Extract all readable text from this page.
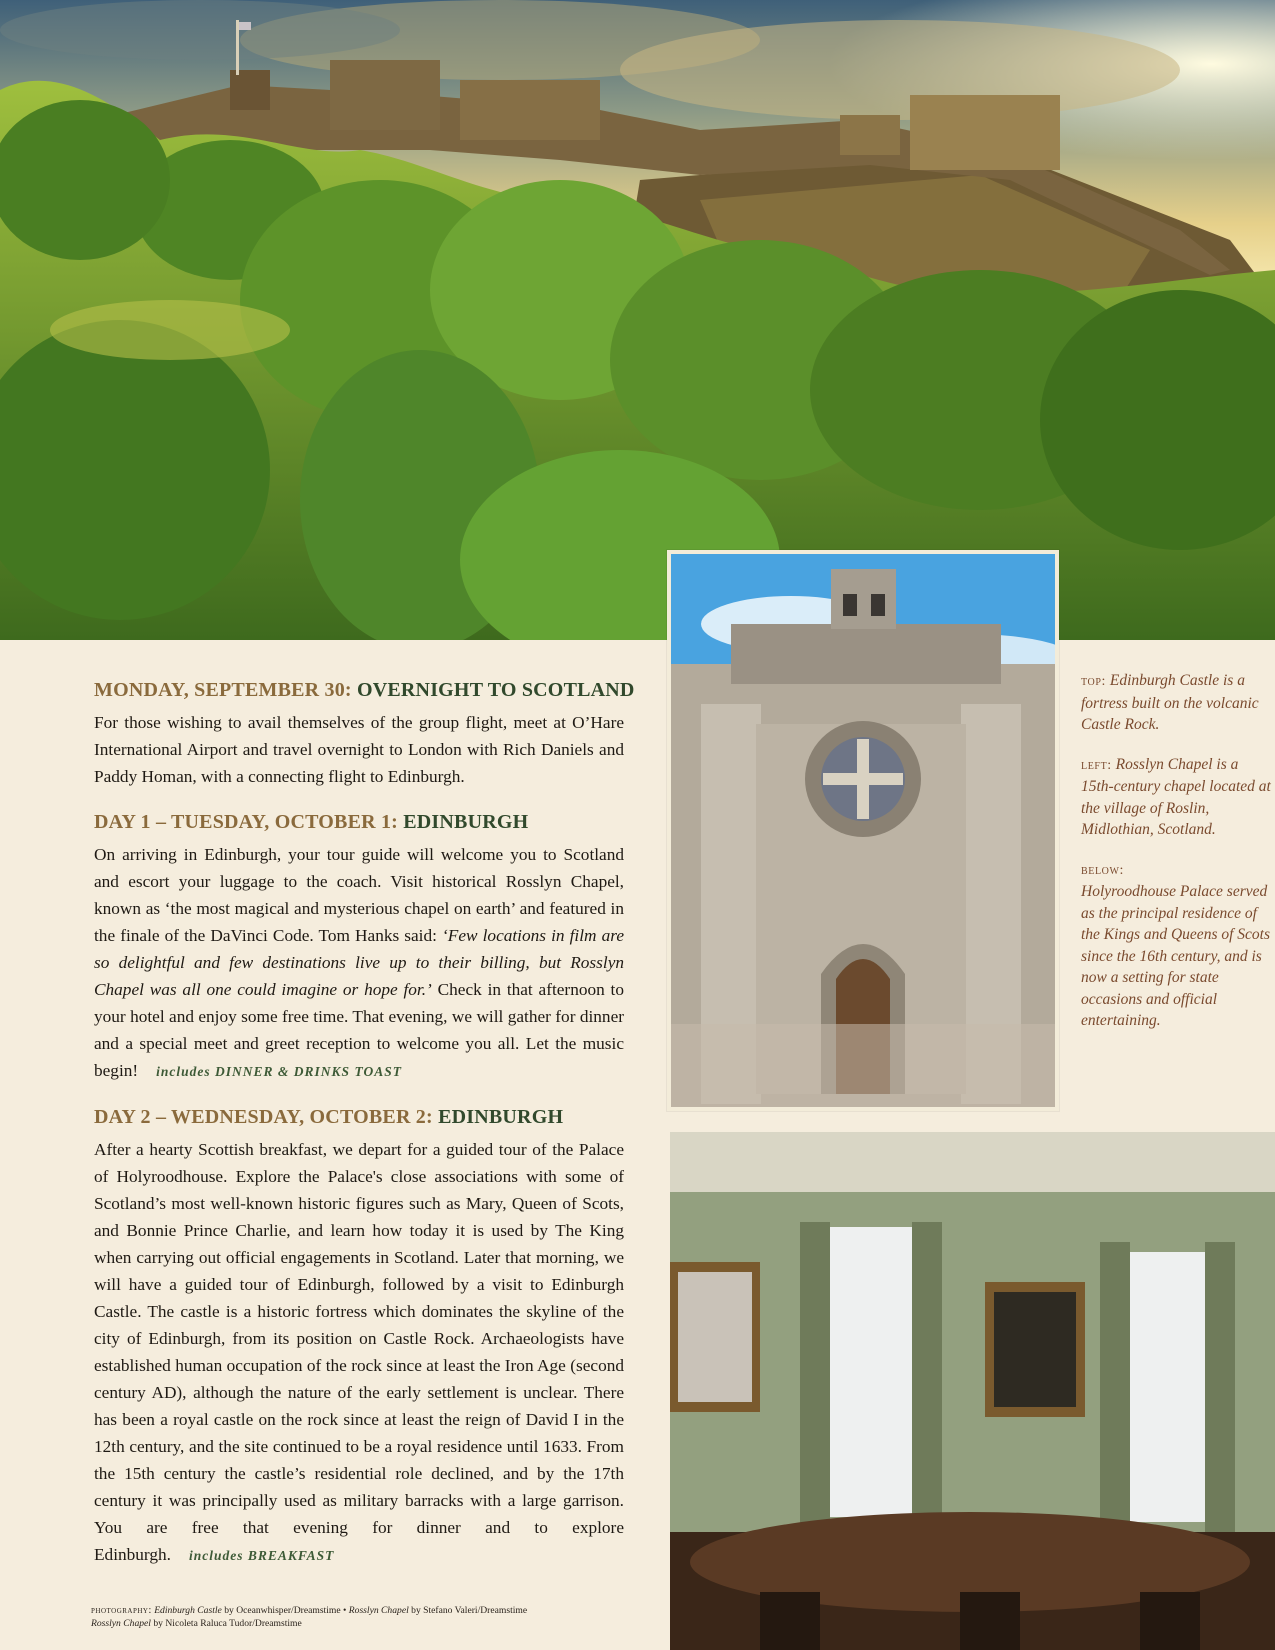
MONDAY, SEPTEMBER 30: OVERNIGHT TO SCOTLAND

For those wishing to avail themselves of the group flight, meet at O’Hare International Airport and travel overnight to London with Rich Daniels and Paddy Homan, with a connecting flight to Edinburgh.

DAY 1 – TUESDAY, OCTOBER 1: EDINBURGH

On arriving in Edinburgh, your tour guide will welcome you to Scotland and escort your luggage to the coach. Visit historical Rosslyn Chapel, known as ‘the most magical and mysterious chapel on earth’ and featured in the finale of the DaVinci Code. Tom Hanks said: ‘Few locations in film are so delightful and few destinations live up to their billing, but Rosslyn Chapel was all one could imagine or hope for.’ Check in that afternoon to your hotel and enjoy some free time. That evening, we will gather for dinner and a special meet and greet reception to welcome you all. Let the music begin! includes DINNER & DRINKS TOAST

DAY 2 – WEDNESDAY, OCTOBER 2: EDINBURGH

After a hearty Scottish breakfast, we depart for a guided tour of the Palace of Holyroodhouse. Explore the Palace's close associations with some of Scotland’s most well-known historic figures such as Mary, Queen of Scots, and Bonnie Prince Charlie, and learn how today it is used by The King when carrying out official engagements in Scotland. Later that morning, we will have a guided tour of Edinburgh, followed by a visit to Edinburgh Castle. The castle is a historic fortress which dominates the skyline of the city of Edinburgh, from its position on Castle Rock. Archaeologists have established human occupation of the rock since at least the Iron Age (second century AD), although the nature of the early settlement is unclear. There has been a royal castle on the rock since at least the reign of David I in the 12th century, and the site continued to be a royal residence until 1633. From the 15th century the castle’s residential role declined, and by the 17th century it was principally used as military barracks with a large garrison. You are free that evening for dinner and to explore Edinburgh. includes BREAKFAST

top: Edinburgh Castle is a fortress built on the volcanic Castle Rock.

left: Rosslyn Chapel is a 15th-century chapel located at the village of Roslin, Midlothian, Scotland.

below:
Holyroodhouse Palace served as the principal residence of the Kings and Queens of Scots since the 16th century, and is now a setting for state occasions and official entertaining.

photography: Edinburgh Castle by Oceanwhisper/Dreamstime • Rosslyn Chapel by Stefano Valeri/Dreamstime
Rosslyn Chapel by Nicoleta Raluca Tudor/Dreamstime
